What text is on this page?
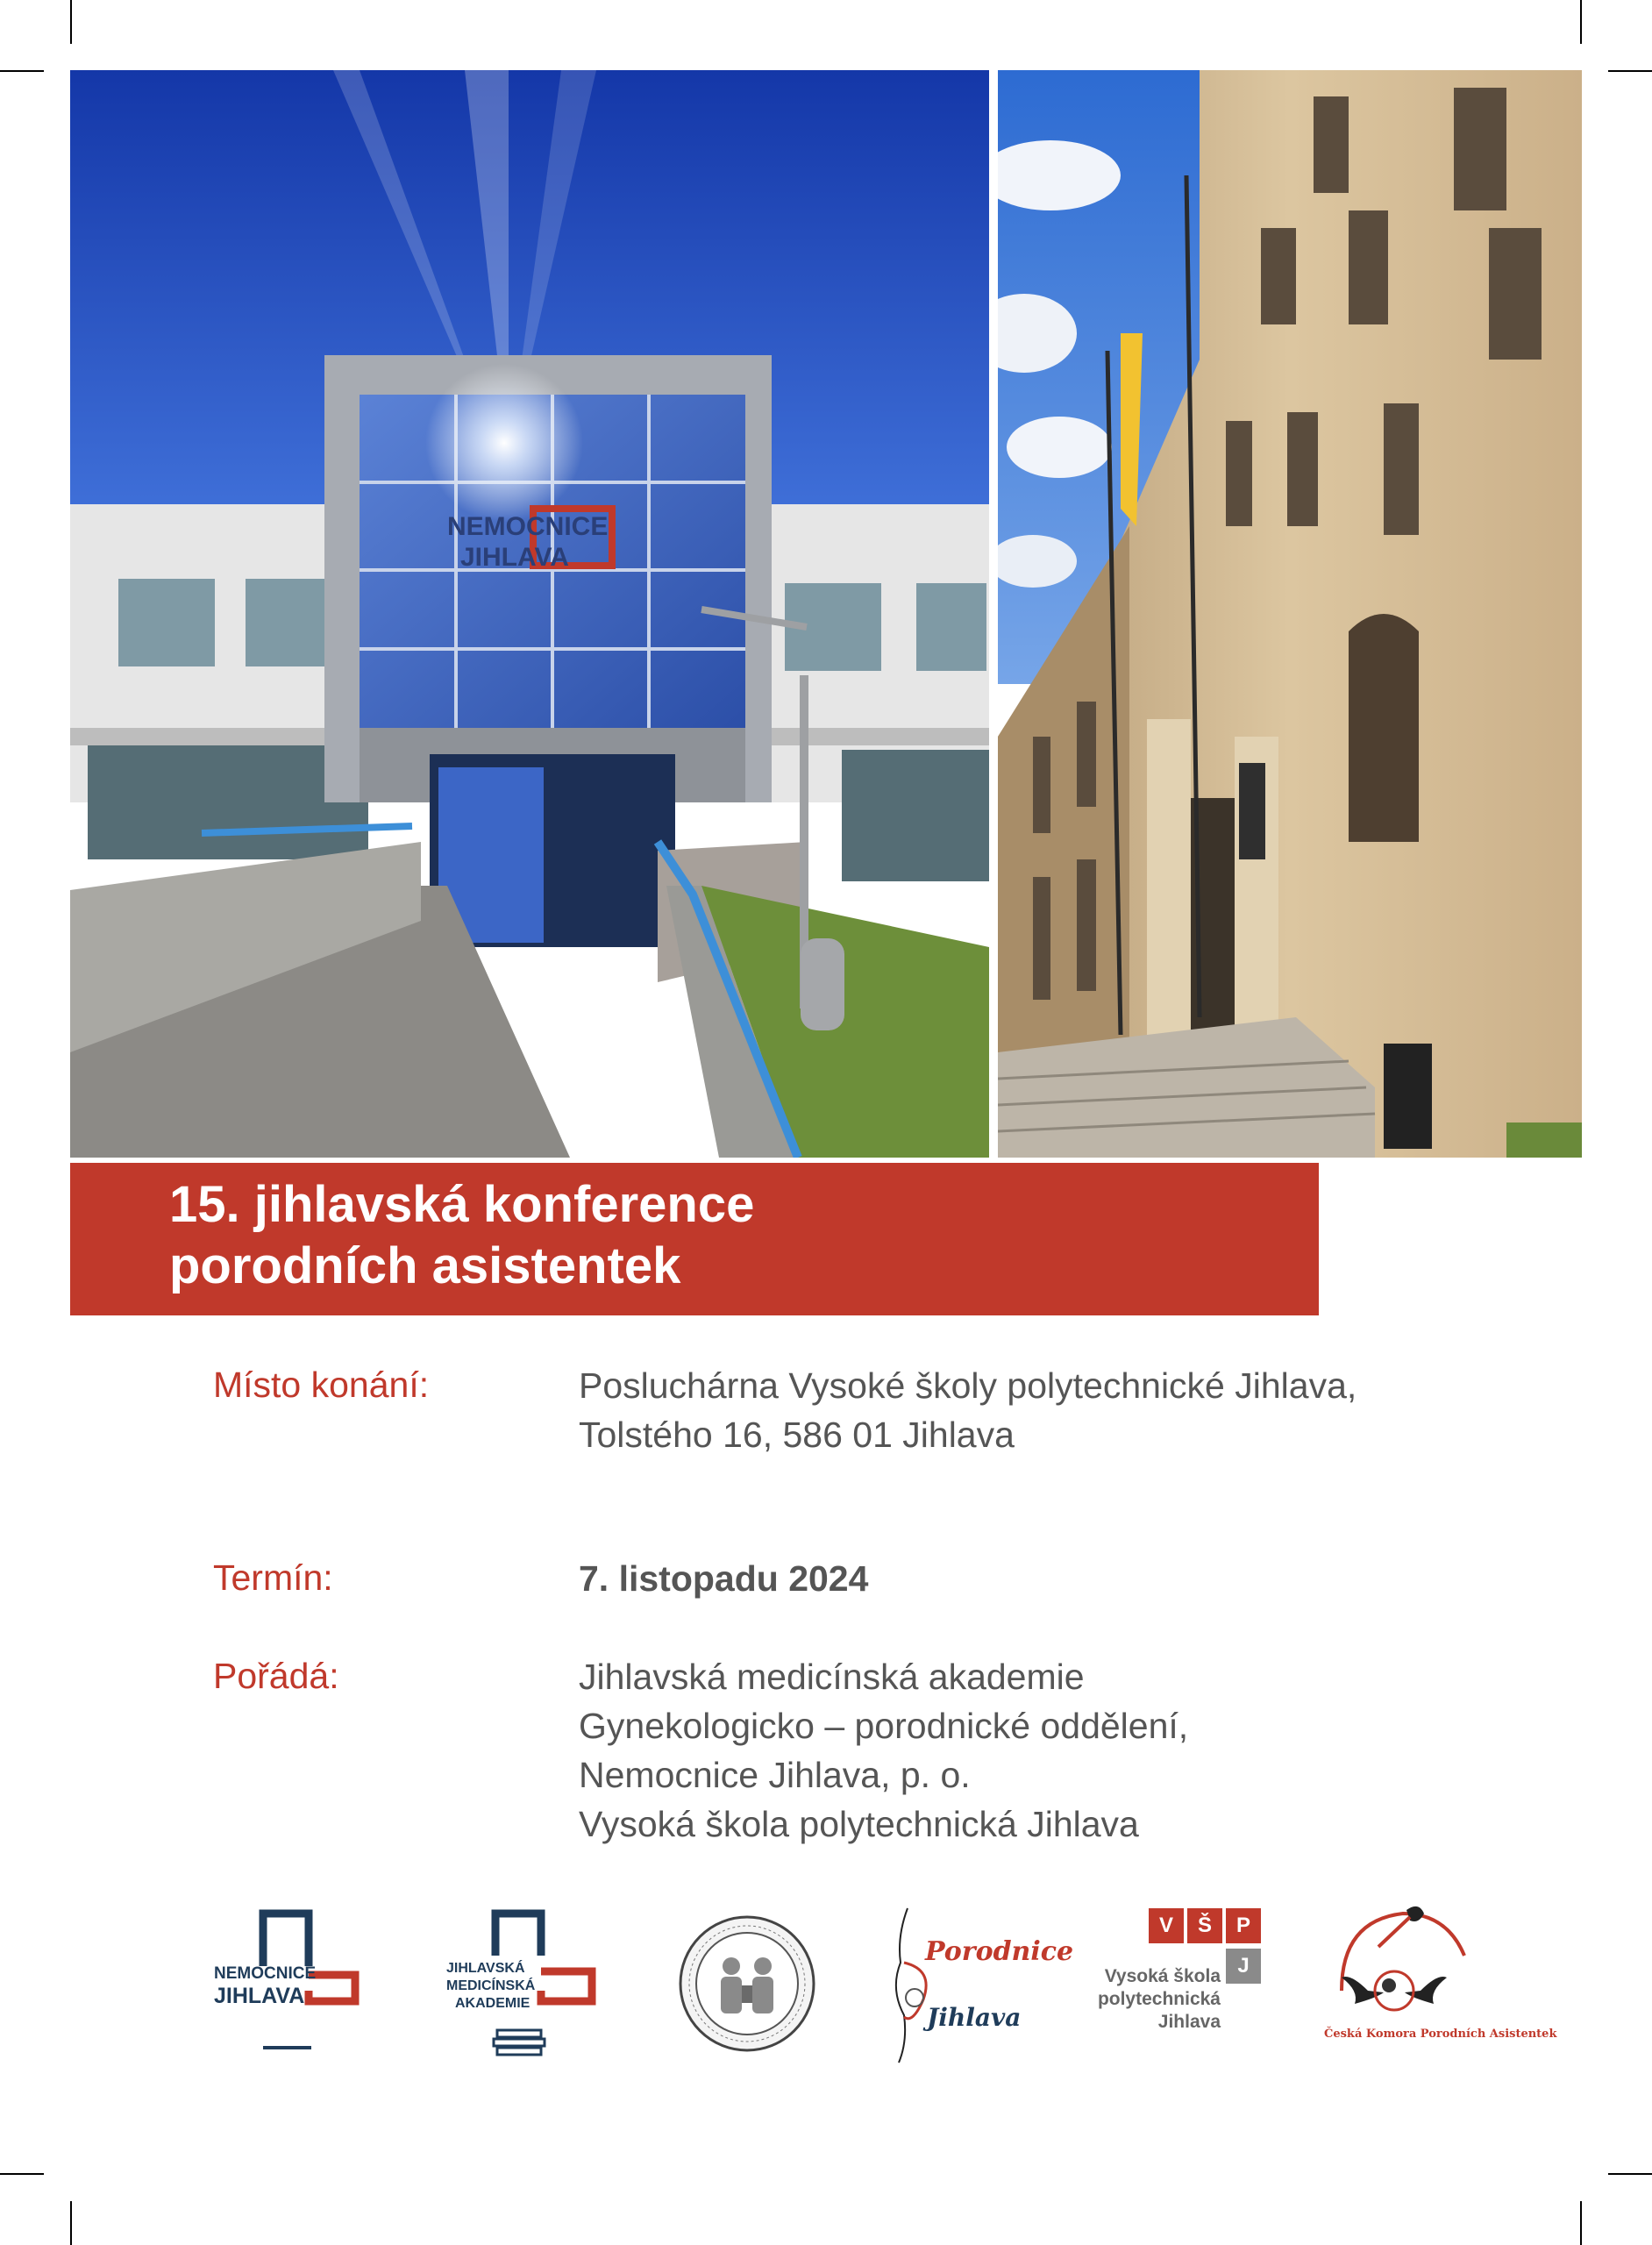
NEMOCNICE
JIHLAVA
15. jihlavská konference
porodních asistentek
Místo konání:	Posluchárna Vysoké školy polytechnické Jihlava,
Tolstého 16, 586 01 Jihlava
Termín:	7. listopadu 2024
Pořádá:	Jihlavská medicínská akademie
Gynekologicko – porodnické oddělení,
Nemocnice Jihlava, p. o.
Vysoká škola polytechnická Jihlava
NEMOCNICE
JIHLAVA
JIHLAVSKÁ
MEDICÍNSKÁ
AKADEMIE
Porodnice
Jihlava
V	Š	P
J
Vysoká škola
polytechnická
Jihlava
Česká Komora Porodních Asistentek
